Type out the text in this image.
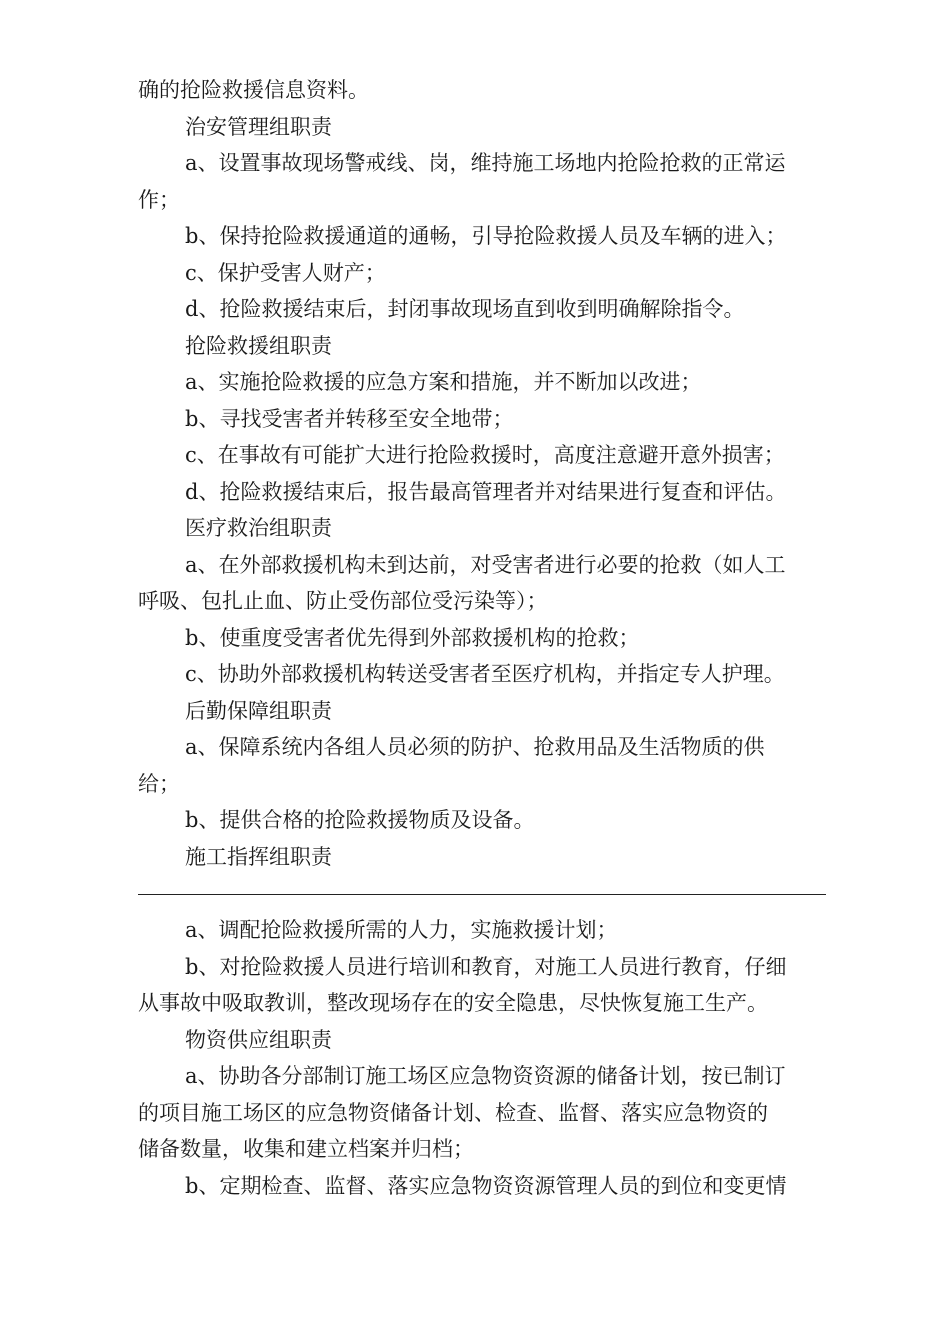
确的抢险救援信息资料。
治安管理组职责
a、设置事故现场警戒线、岗，维持施工场地内抢险抢救的正常运
作；
b、保持抢险救援通道的通畅，引导抢险救援人员及车辆的进入；
c、保护受害人财产；
d、抢险救援结束后，封闭事故现场直到收到明确解除指令。
抢险救援组职责
a、实施抢险救援的应急方案和措施，并不断加以改进；
b、寻找受害者并转移至安全地带；
c、在事故有可能扩大进行抢险救援时，高度注意避开意外损害；
d、抢险救援结束后，报告最高管理者并对结果进行复查和评估。
医疗救治组职责
a、在外部救援机构未到达前，对受害者进行必要的抢救（如人工
呼吸、包扎止血、防止受伤部位受污染等）；
b、使重度受害者优先得到外部救援机构的抢救；
c、协助外部救援机构转送受害者至医疗机构，并指定专人护理。
后勤保障组职责
a、保障系统内各组人员必须的防护、抢救用品及生活物质的供
给；
b、提供合格的抢险救援物质及设备。
施工指挥组职责
a、调配抢险救援所需的人力，实施救援计划；
b、对抢险救援人员进行培训和教育，对施工人员进行教育，仔细
从事故中吸取教训，整改现场存在的安全隐患，尽快恢复施工生产。
物资供应组职责
a、协助各分部制订施工场区应急物资资源的储备计划，按已制订
的项目施工场区的应急物资储备计划、检查、监督、落实应急物资的
储备数量，收集和建立档案并归档；
b、定期检查、监督、落实应急物资资源管理人员的到位和变更情
